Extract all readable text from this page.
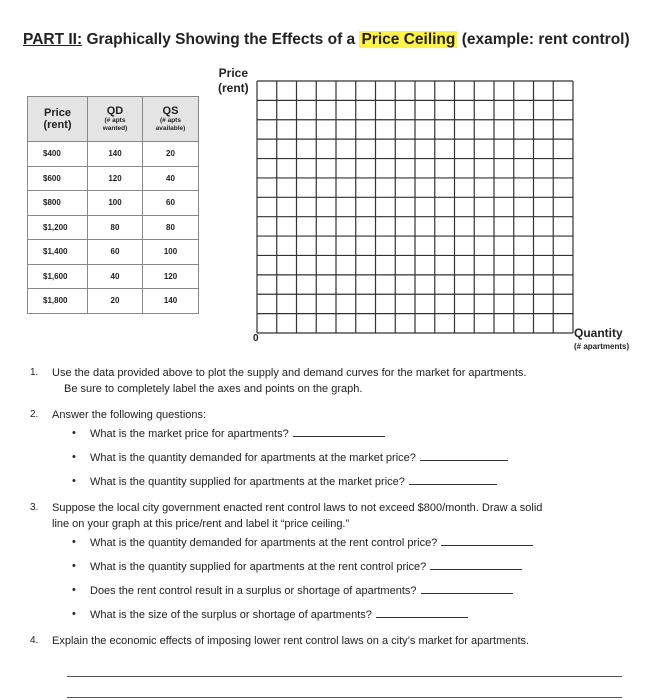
PART II: Graphically Showing the Effects of a Price Ceiling (example: rent control)
Price
(rent)	QD
(# apts
wanted)	QS
(# apts
available)

$400	140	20
$600	120	40
$800	100	60
$1,200	80	80
$1,400	60	100
$1,600	40	120
$1,800	20	140
Price
(rent)
0	Quantity
(# apartments)
1. Use the data provided above to plot the supply and demand curves for the market for apartments.
Be sure to completely label the axes and points on the graph.
2. Answer the following questions:
• What is the market price for apartments?
• What is the quantity demanded for apartments at the market price?
• What is the quantity supplied for apartments at the market price?
3. Suppose the local city government enacted rent control laws to not exceed $800/month. Draw a solid
line on your graph at this price/rent and label it “price ceiling.”
• What is the quantity demanded for apartments at the rent control price?
• What is the quantity supplied for apartments at the rent control price?
• Does the rent control result in a surplus or shortage of apartments?
• What is the size of the surplus or shortage of apartments?
4. Explain the economic effects of imposing lower rent control laws on a city’s market for apartments.
